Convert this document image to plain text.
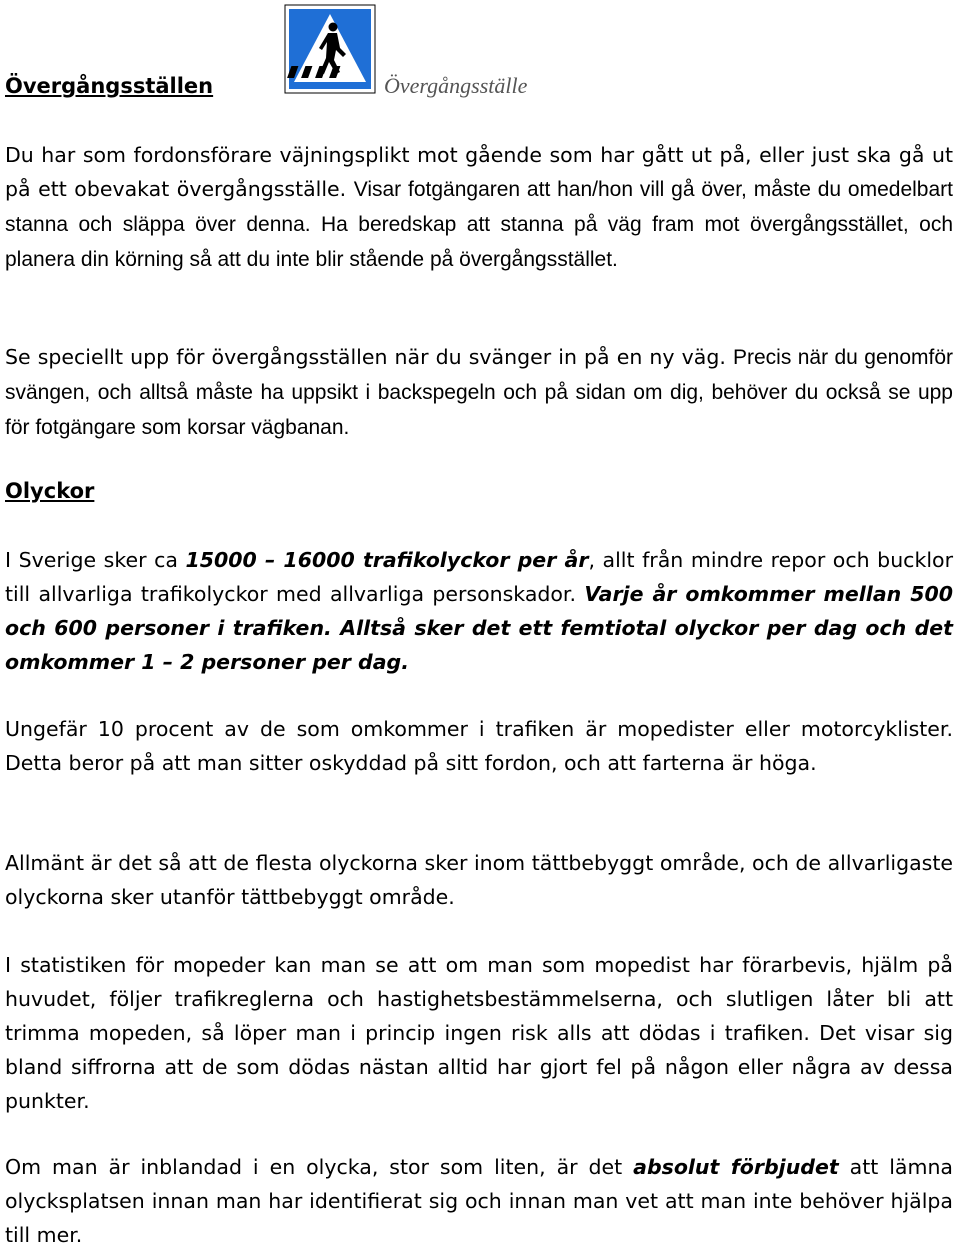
Övergångsställen	Övergångsställe

Du har som fordonsförare väjningsplikt mot gående som har gått ut på, eller just ska gå ut på ett obevakat övergångsställe. Visar fotgängaren att han/hon vill gå över, måste du omedelbart stanna och släppa över denna. Ha beredskap att stanna på väg fram mot övergångsstället, och planera din körning så att du inte blir stående på övergångsstället.

Se speciellt upp för övergångsställen när du svänger in på en ny väg. Precis när du genomför svängen, och alltså måste ha uppsikt i backspegeln och på sidan om dig, behöver du också se upp för fotgängare som korsar vägbanan.

Olyckor

I Sverige sker ca 15000 – 16000 trafikolyckor per år, allt från mindre repor och bucklor till allvarliga trafikolyckor med allvarliga personskador. Varje år omkommer mellan 500 och 600 personer i trafiken. Alltså sker det ett femtiotal olyckor per dag och det omkommer 1 – 2 personer per dag.

Ungefär 10 procent av de som omkommer i trafiken är mopedister eller motorcyklister. Detta beror på att man sitter oskyddad på sitt fordon, och att farterna är höga.

Allmänt är det så att de flesta olyckorna sker inom tättbebyggt område, och de allvarligaste olyckorna sker utanför tättbebyggt område.

I statistiken för mopeder kan man se att om man som mopedist har förarbevis, hjälm på huvudet, följer trafikreglerna och hastighetsbestämmelserna, och slutligen låter bli att trimma mopeden, så löper man i princip ingen risk alls att dödas i trafiken. Det visar sig bland siffrorna att de som dödas nästan alltid har gjort fel på någon eller några av dessa punkter.

Om man är inblandad i en olycka, stor som liten, är det absolut förbjudet att lämna olycksplatsen innan man har identifierat sig och innan man vet att man inte behöver hjälpa till mer.
